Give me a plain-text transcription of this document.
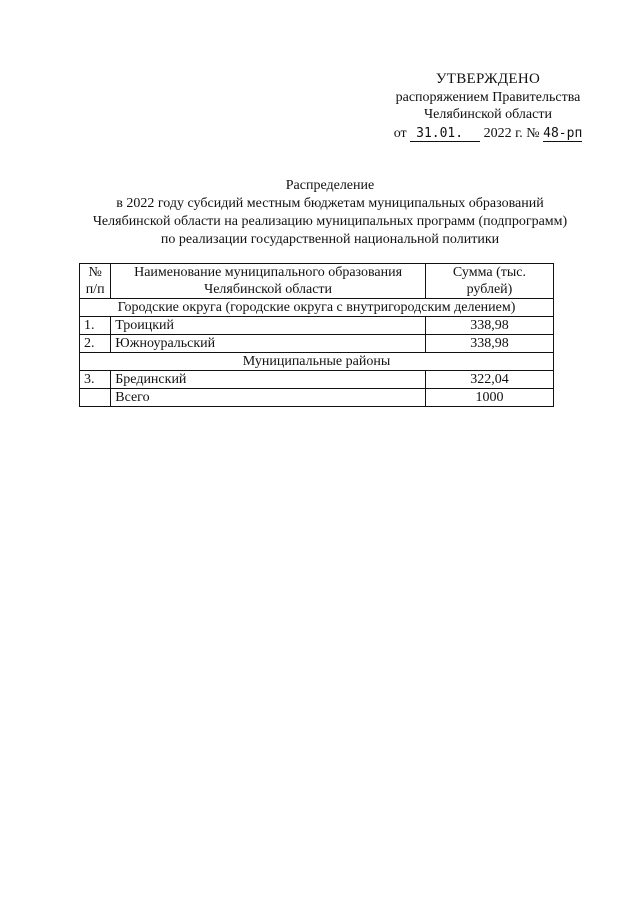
УТВЕРЖДЕНО
распоряжением Правительства
Челябинской области
от 31.01. 2022 г. № 48-рп
Распределение
в 2022 году субсидий местным бюджетам муниципальных образований
Челябинской области на реализацию муниципальных программ (подпрограмм)
по реализации государственной национальной политики
№ п/п	Наименование муниципального образования Челябинской области	Сумма (тыс. рублей)
Городские округа (городские округа с внутригородским делением)		
1.	Троицкий	338,98
2.	Южноуральский	338,98
Муниципальные районы		
3.	Брединский	322,04
	Всего	1000
